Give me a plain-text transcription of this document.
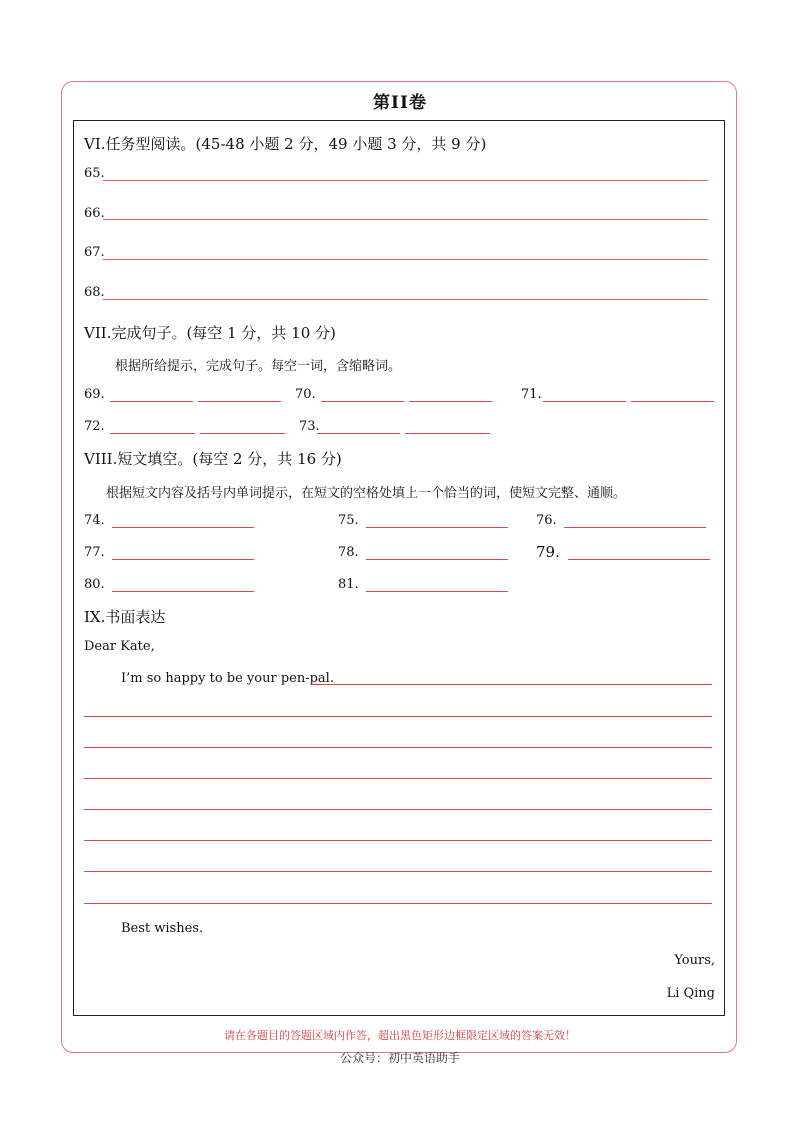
第II卷
VI.任务型阅读。(45-48 小题 2 分，49 小题 3 分，共 9 分)
65.
66.
67.
68.
VII.完成句子。(每空 1 分，共 10 分)
根据所给提示，完成句子。每空一词，含缩略词。
69.	70.	71.
72.	73.
VIII.短文填空。(每空 2 分，共 16 分)
根据短文内容及括号内单词提示，在短文的空格处填上一个恰当的词，使短文完整、通顺。
74.	75.	76.
77.	78.	79.
80.	81.
IX.书面表达
Dear Kate,
I’m so happy to be your pen-pal.
Best wishes.
Yours,
Li Qing
请在各题目的答题区域内作答，超出黑色矩形边框限定区域的答案无效！
公众号：初中英语助手
